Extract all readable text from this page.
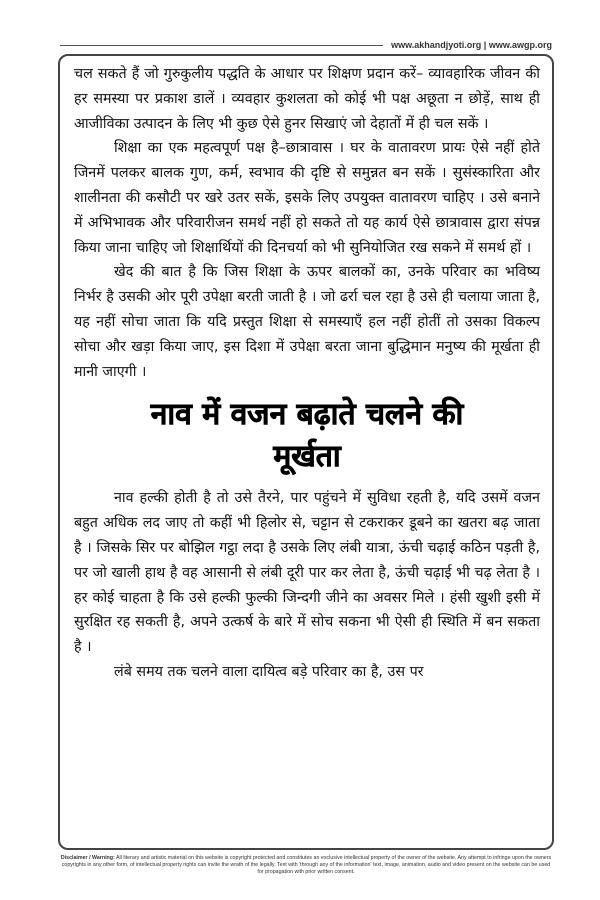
www.akhandjyoti.org | www.awgp.org

चल सकते हैं जो गुरुकुलीय पद्धति के आधार पर शिक्षण प्रदान करें– व्यावहारिक जीवन की हर समस्या पर प्रकाश डालें । व्यवहार कुशलता को कोई भी पक्ष अछूता न छोड़ें, साथ ही आजीविका उत्पादन के लिए भी कुछ ऐसे हुनर सिखाएं जो देहातों में ही चल सकें ।

शिक्षा का एक महत्वपूर्ण पक्ष है–छात्रावास । घर के वातावरण प्रायः ऐसे नहीं होते जिनमें पलकर बालक गुण, कर्म, स्वभाव की दृष्टि से समुन्नत बन सकें । सुसंस्कारिता और शालीनता की कसौटी पर खरे उतर सकें, इसके लिए उपयुक्त वातावरण चाहिए । उसे बनाने में अभिभावक और परिवारीजन समर्थ नहीं हो सकते तो यह कार्य ऐसे छात्रावास द्वारा संपन्न किया जाना चाहिए जो शिक्षार्थियों की दिनचर्या को भी सुनियोजित रख सकने में समर्थ हों ।

खेद की बात है कि जिस शिक्षा के ऊपर बालकों का, उनके परिवार का भविष्य निर्भर है उसकी ओर पूरी उपेक्षा बरती जाती है । जो ढर्रा चल रहा है उसे ही चलाया जाता है, यह नहीं सोचा जाता कि यदि प्रस्तुत शिक्षा से समस्याएँ हल नहीं होतीं तो उसका विकल्प सोचा और खड़ा किया जाए, इस दिशा में उपेक्षा बरता जाना बुद्धिमान मनुष्य की मूर्खता ही मानी जाएगी ।

नाव में वजन बढ़ाते चलने की

मूर्खता

नाव हल्की होती है तो उसे तैरने, पार पहुंचने में सुविधा रहती है, यदि उसमें वजन बहुत अधिक लद जाए तो कहीं भी हिलोर से, चट्टान से टकराकर डूबने का खतरा बढ़ जाता है । जिसके सिर पर बोझिल गट्ठा लदा है उसके लिए लंबी यात्रा, ऊंची चढ़ाई कठिन पड़ती है, पर जो खाली हाथ है वह आसानी से लंबी दूरी पार कर लेता है, ऊंची चढ़ाई भी चढ़ लेता है । हर कोई चाहता है कि उसे हल्की फुल्की जिन्दगी जीने का अवसर मिले । हंसी खुशी इसी में सुरक्षित रह सकती है, अपने उत्कर्ष के बारे में सोच सकना भी ऐसी ही स्थिति में बन सकता है ।

लंबे समय तक चलने वाला दायित्व बड़े परिवार का है, उस पर

Disclaimer / Warning: All literary and artistic material on this website is copyright protected and constitutes an exclusive intellectual property of the owner of the website. Any attempt to infringe upon the owners copyrights in any other form, of intellectual property rights can invite the wrath of the legally. Text with 'through any of the information' text, image, animation, audio and video present on the website can be used for propagation with prior written consent.
